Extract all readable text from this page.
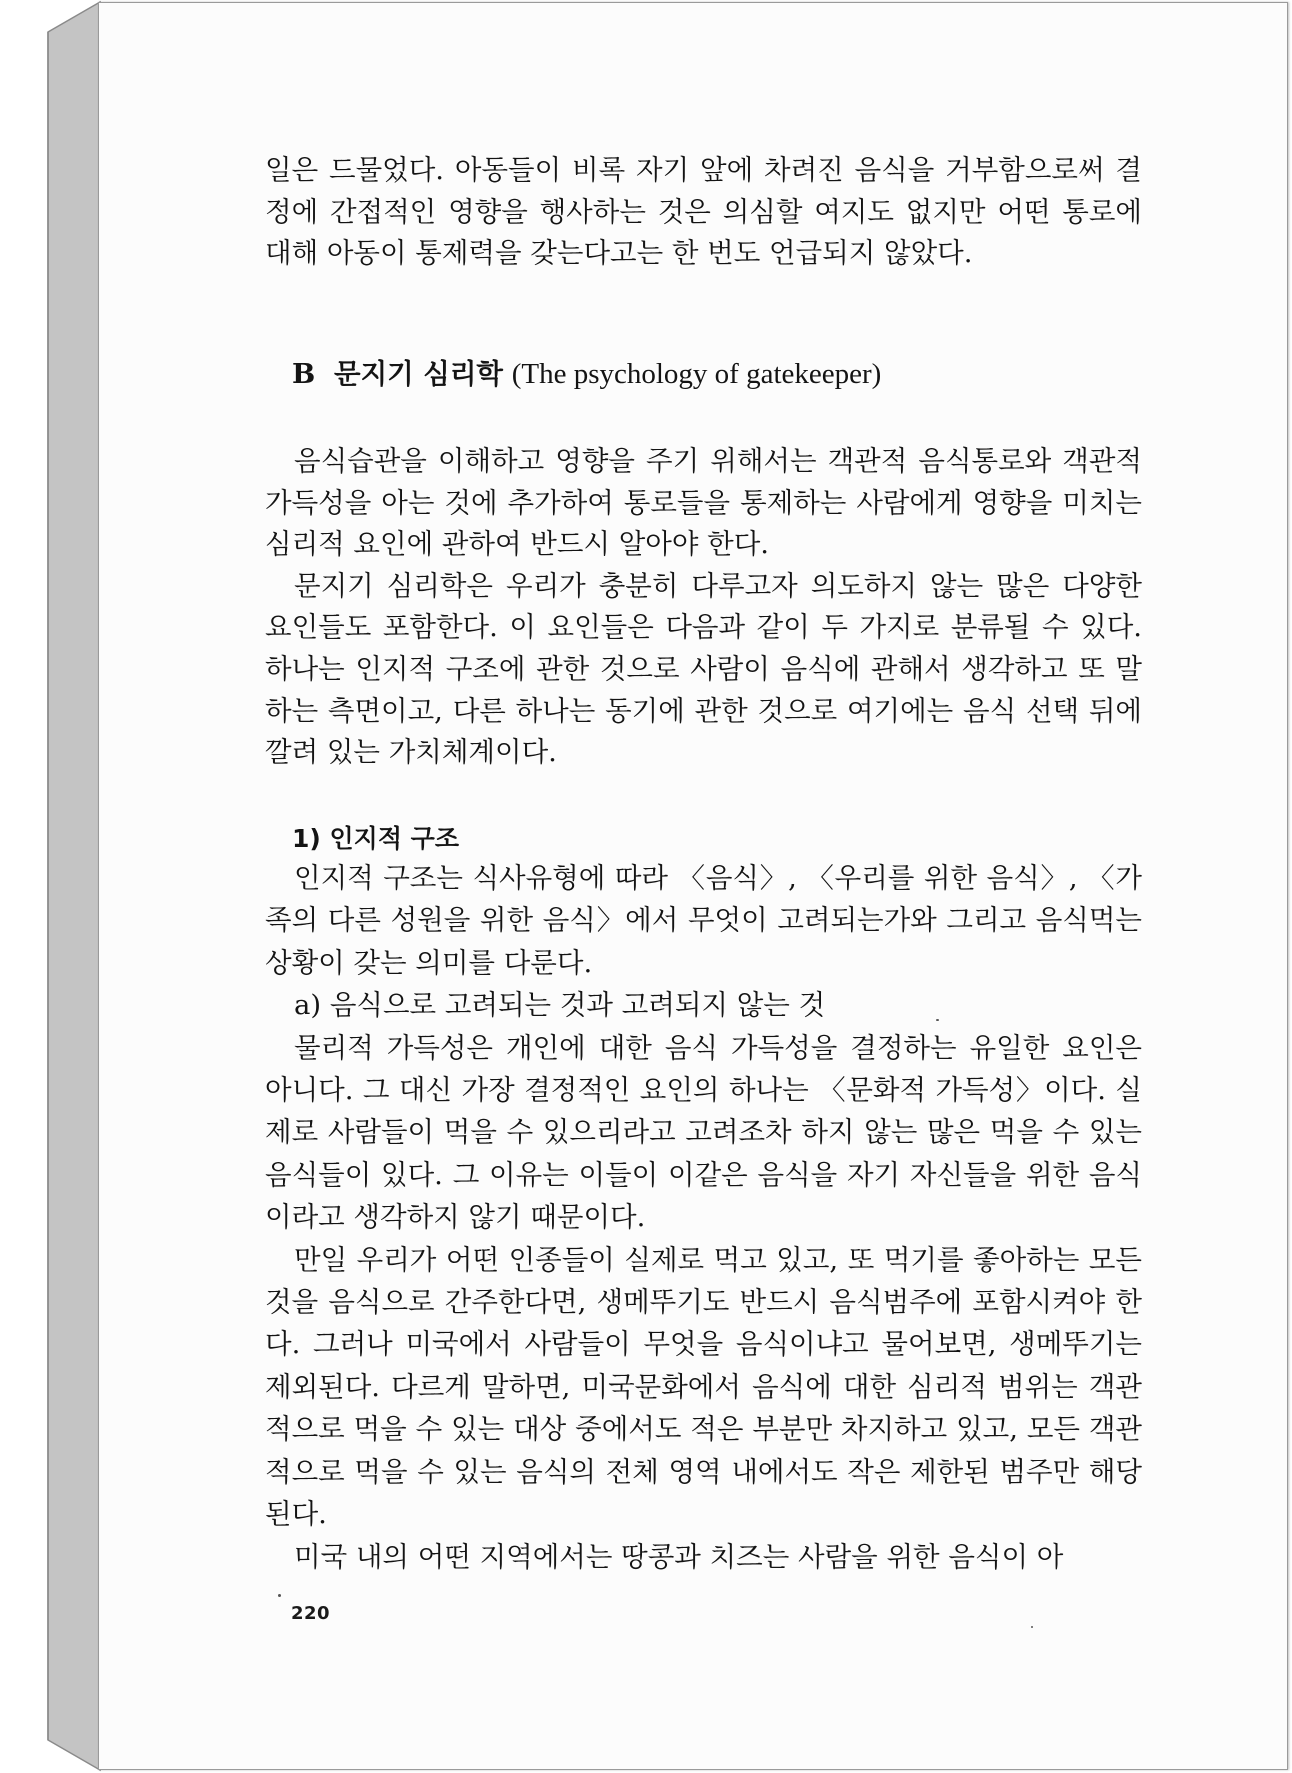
일은 드물었다. 아동들이 비록 자기 앞에 차려진 음식을 거부함으로써 결정에 간접적인 영향을 행사하는 것은 의심할 여지도 없지만 어떤 통로에 대해 아동이 통제력을 갖는다고는 한 번도 언급되지 않았다.

B 문지기 심리학 (The psychology of gatekeeper)

음식습관을 이해하고 영향을 주기 위해서는 객관적 음식통로와 객관적 가득성을 아는 것에 추가하여 통로들을 통제하는 사람에게 영향을 미치는 심리적 요인에 관하여 반드시 알아야 한다.

문지기 심리학은 우리가 충분히 다루고자 의도하지 않는 많은 다양한 요인들도 포함한다. 이 요인들은 다음과 같이 두 가지로 분류될 수 있다. 하나는 인지적 구조에 관한 것으로 사람이 음식에 관해서 생각하고 또 말하는 측면이고, 다른 하나는 동기에 관한 것으로 여기에는 음식 선택 뒤에 깔려 있는 가치체계이다.

1) 인지적 구조

인지적 구조는 식사유형에 따라 〈음식〉, 〈우리를 위한 음식〉, 〈가족의 다른 성원을 위한 음식〉에서 무엇이 고려되는가와 그리고 음식먹는 상황이 갖는 의미를 다룬다.

a) 음식으로 고려되는 것과 고려되지 않는 것

물리적 가득성은 개인에 대한 음식 가득성을 결정하는 유일한 요인은 아니다. 그 대신 가장 결정적인 요인의 하나는 〈문화적 가득성〉이다. 실제로 사람들이 먹을 수 있으리라고 고려조차 하지 않는 많은 먹을 수 있는 음식들이 있다. 그 이유는 이들이 이같은 음식을 자기 자신들을 위한 음식이라고 생각하지 않기 때문이다.

만일 우리가 어떤 인종들이 실제로 먹고 있고, 또 먹기를 좋아하는 모든 것을 음식으로 간주한다면, 생메뚜기도 반드시 음식범주에 포함시켜야 한다. 그러나 미국에서 사람들이 무엇을 음식이냐고 물어보면, 생메뚜기는 제외된다. 다르게 말하면, 미국문화에서 음식에 대한 심리적 범위는 객관적으로 먹을 수 있는 대상 중에서도 적은 부분만 차지하고 있고, 모든 객관적으로 먹을 수 있는 음식의 전체 영역 내에서도 작은 제한된 범주만 해당된다.

미국 내의 어떤 지역에서는 땅콩과 치즈는 사람을 위한 음식이 아

220
